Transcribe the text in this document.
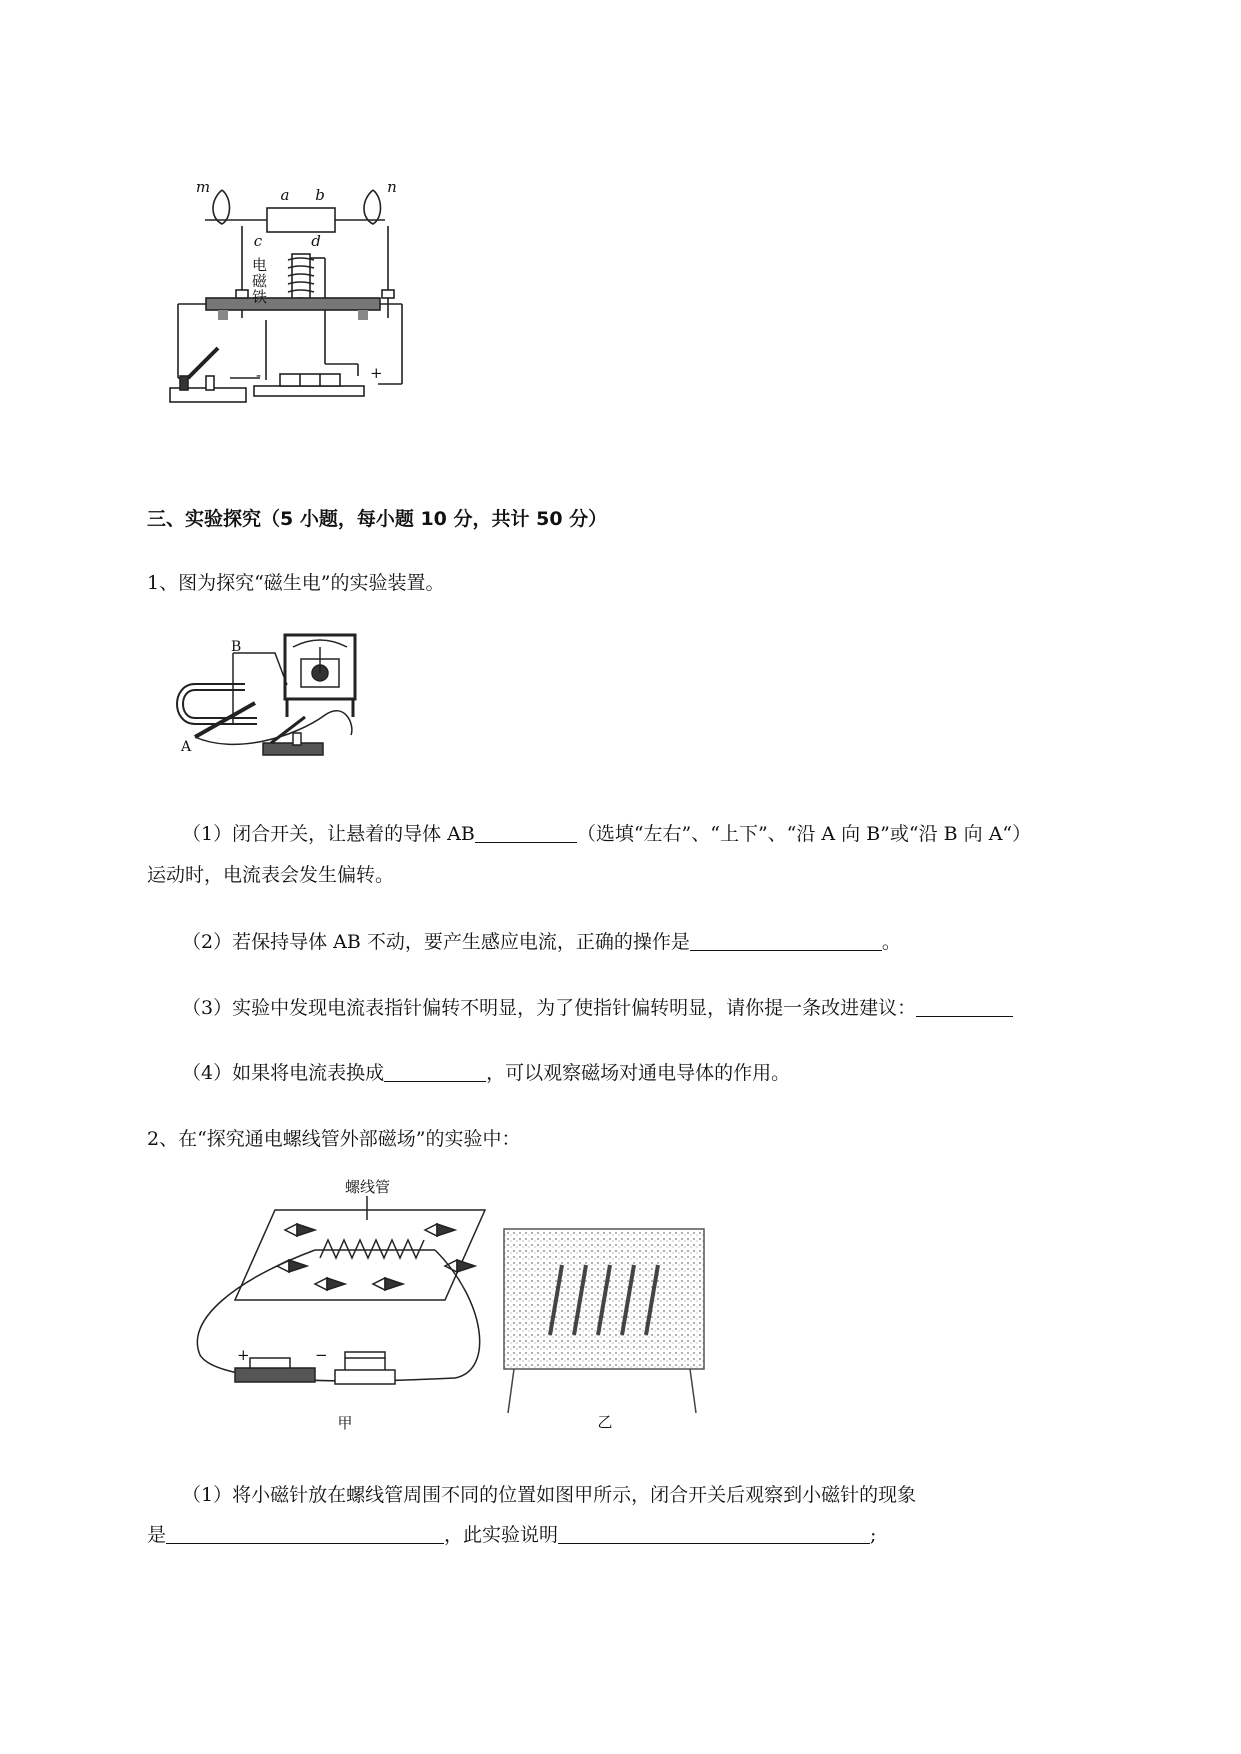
m	n
a b
c	d
电
磁
铁
-	+
三、实验探究（5 小题，每小题 10 分，共计 50 分）
1、图为探究“磁生电”的实验装置。
B
A
（1）闭合开关，让悬着的导体 AB	（选填“左右”、“上下”、“沿 A 向 B”或“沿 B 向 A“）
运动时，电流表会发生偏转。
（2）若保持导体 AB 不动，要产生感应电流，正确的操作是	。
（3）实验中发现电流表指针偏转不明显，为了使指针偏转明显，请你提一条改进建议：
（4）如果将电流表换成	，可以观察磁场对通电导体的作用。
2、在“探究通电螺线管外部磁场”的实验中：
螺线管
+	−
甲	乙
（1）将小磁针放在螺线管周围不同的位置如图甲所示，闭合开关后观察到小磁针的现象
是	，此实验说明	;
